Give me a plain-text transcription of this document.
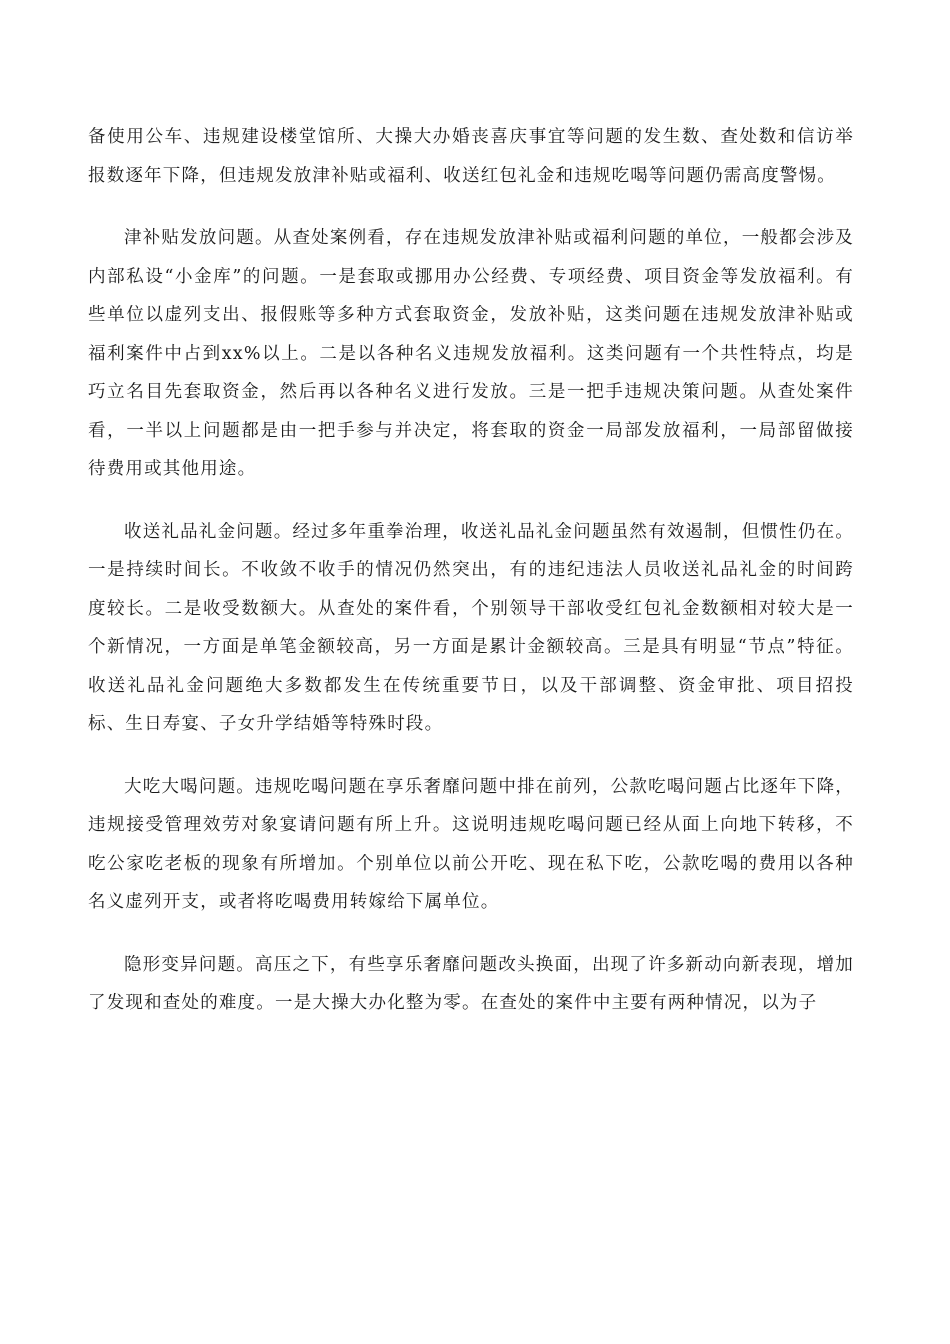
备使用公车、违规建设楼堂馆所、大操大办婚丧喜庆事宜等问题的发生数、查处数和信访举报数逐年下降，但违规发放津补贴或福利、收送红包礼金和违规吃喝等问题仍需高度警惕。

津补贴发放问题。从查处案例看，存在违规发放津补贴或福利问题的单位，一般都会涉及内部私设“小金库”的问题。一是套取或挪用办公经费、专项经费、项目资金等发放福利。有些单位以虚列支出、报假账等多种方式套取资金，发放补贴，这类问题在违规发放津补贴或福利案件中占到xx%以上。二是以各种名义违规发放福利。这类问题有一个共性特点，均是巧立名目先套取资金，然后再以各种名义进行发放。三是一把手违规决策问题。从查处案件看，一半以上问题都是由一把手参与并决定，将套取的资金一局部发放福利，一局部留做接待费用或其他用途。

收送礼品礼金问题。经过多年重拳治理，收送礼品礼金问题虽然有效遏制，但惯性仍在。一是持续时间长。不收敛不收手的情况仍然突出，有的违纪违法人员收送礼品礼金的时间跨度较长。二是收受数额大。从查处的案件看，个别领导干部收受红包礼金数额相对较大是一个新情况，一方面是单笔金额较高，另一方面是累计金额较高。三是具有明显“节点”特征。收送礼品礼金问题绝大多数都发生在传统重要节日，以及干部调整、资金审批、项目招投标、生日寿宴、子女升学结婚等特殊时段。

大吃大喝问题。违规吃喝问题在享乐奢靡问题中排在前列，公款吃喝问题占比逐年下降，违规接受管理效劳对象宴请问题有所上升。这说明违规吃喝问题已经从面上向地下转移，不吃公家吃老板的现象有所增加。个别单位以前公开吃、现在私下吃，公款吃喝的费用以各种名义虚列开支，或者将吃喝费用转嫁给下属单位。

隐形变异问题。高压之下，有些享乐奢靡问题改头换面，出现了许多新动向新表现，增加了发现和查处的难度。一是大操大办化整为零。在查处的案件中主要有两种情况，以为子
